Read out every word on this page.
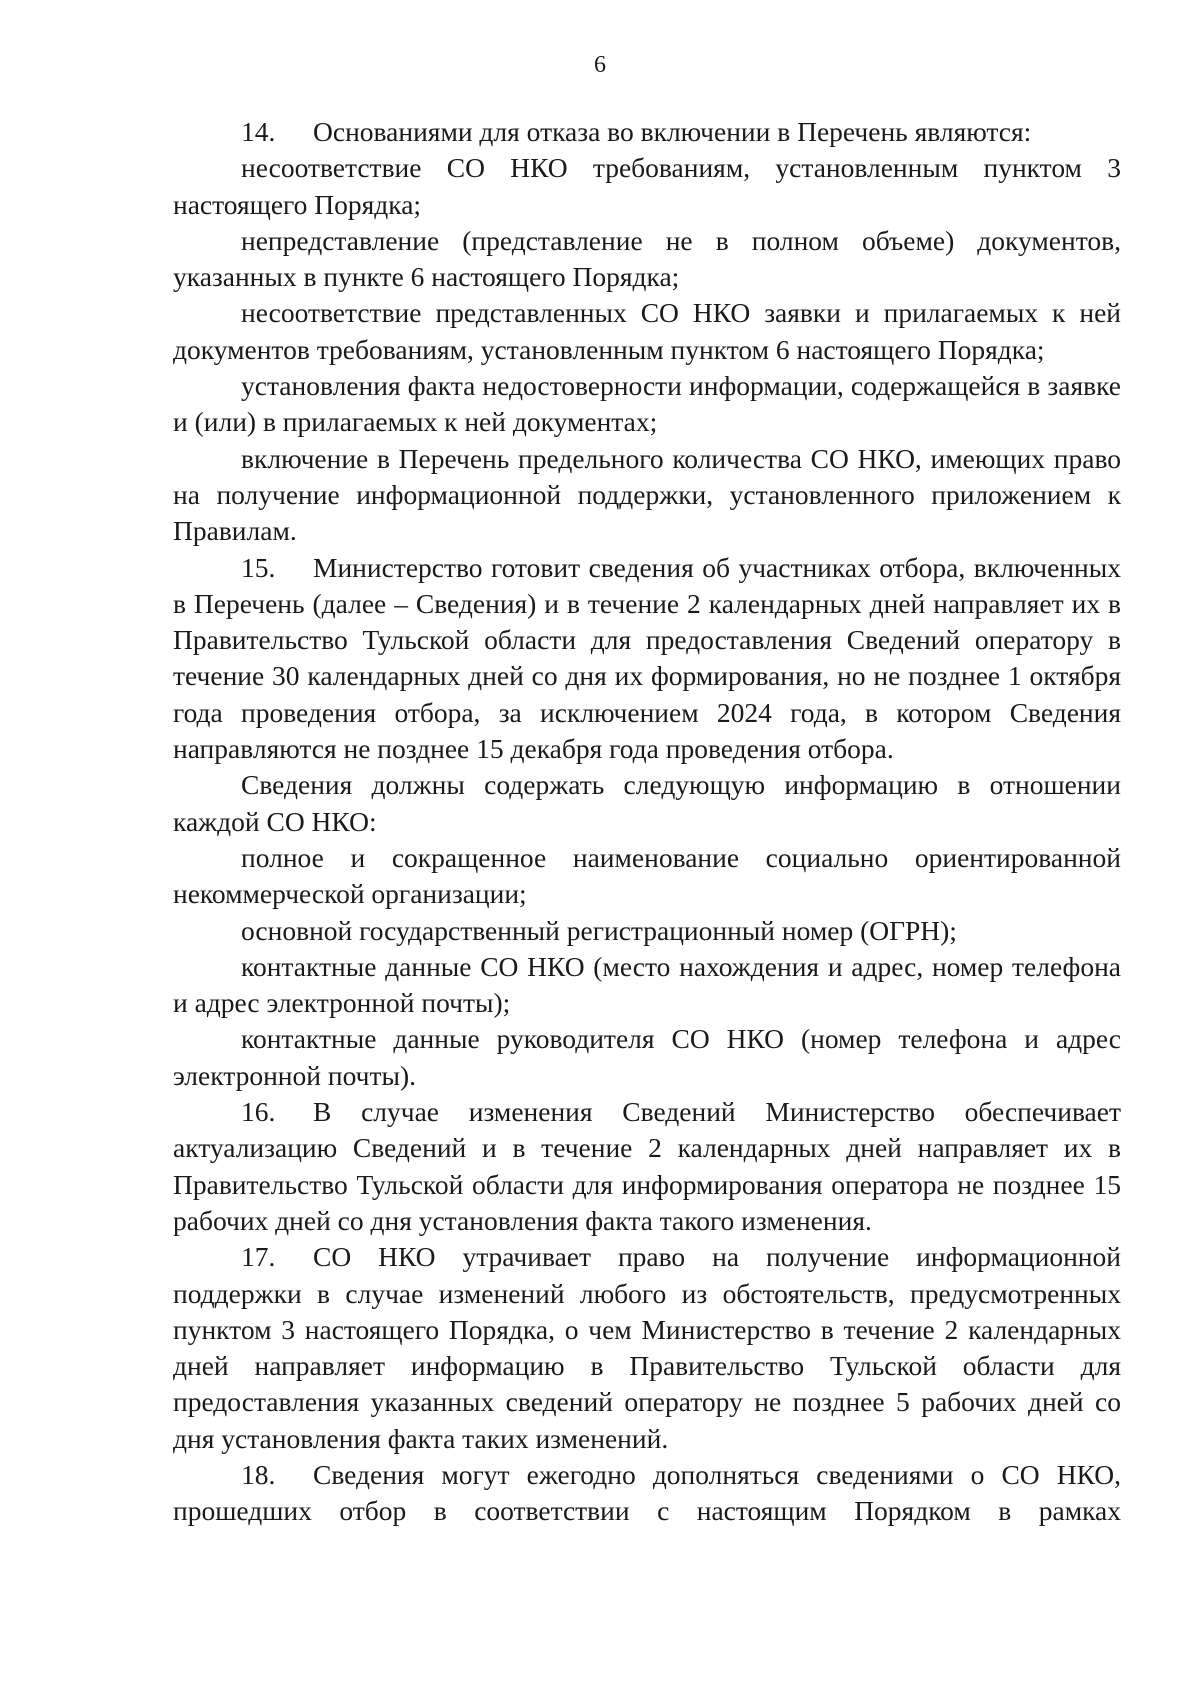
6

14. Основаниями для отказа во включении в Перечень являются:

несоответствие СО НКО требованиям, установленным пунктом 3 настоящего Порядка;

непредставление (представление не в полном объеме) документов, указанных в пункте 6 настоящего Порядка;

несоответствие представленных СО НКО заявки и прилагаемых к ней документов требованиям, установленным пунктом 6 настоящего Порядка;

установления факта недостоверности информации, содержащейся в заявке и (или) в прилагаемых к ней документах;

включение в Перечень предельного количества СО НКО, имеющих право на получение информационной поддержки, установленного приложением к Правилам.

15. Министерство готовит сведения об участниках отбора, включенных в Перечень (далее – Сведения) и в течение 2 календарных дней направляет их в Правительство Тульской области для предоставления Сведений оператору в течение 30 календарных дней со дня их формирования, но не позднее 1 октября года проведения отбора, за исключением 2024 года, в котором Сведения направляются не позднее 15 декабря года проведения отбора.

Сведения должны содержать следующую информацию в отношении каждой СО НКО:

полное и сокращенное наименование социально ориентированной некоммерческой организации;

основной государственный регистрационный номер (ОГРН);

контактные данные СО НКО (место нахождения и адрес, номер телефона и адрес электронной почты);

контактные данные руководителя СО НКО (номер телефона и адрес электронной почты).

16. В случае изменения Сведений Министерство обеспечивает актуализацию Сведений и в течение 2 календарных дней направляет их в Правительство Тульской области для информирования оператора не позднее 15 рабочих дней со дня установления факта такого изменения.

17. СО НКО утрачивает право на получение информационной поддержки в случае изменений любого из обстоятельств, предусмотренных пунктом 3 настоящего Порядка, о чем Министерство в течение 2 календарных дней направляет информацию в Правительство Тульской области для предоставления указанных сведений оператору не позднее 5 рабочих дней со дня установления факта таких изменений.

18. Сведения могут ежегодно дополняться сведениями о СО НКО, прошедших отбор в соответствии с настоящим Порядком в рамках
